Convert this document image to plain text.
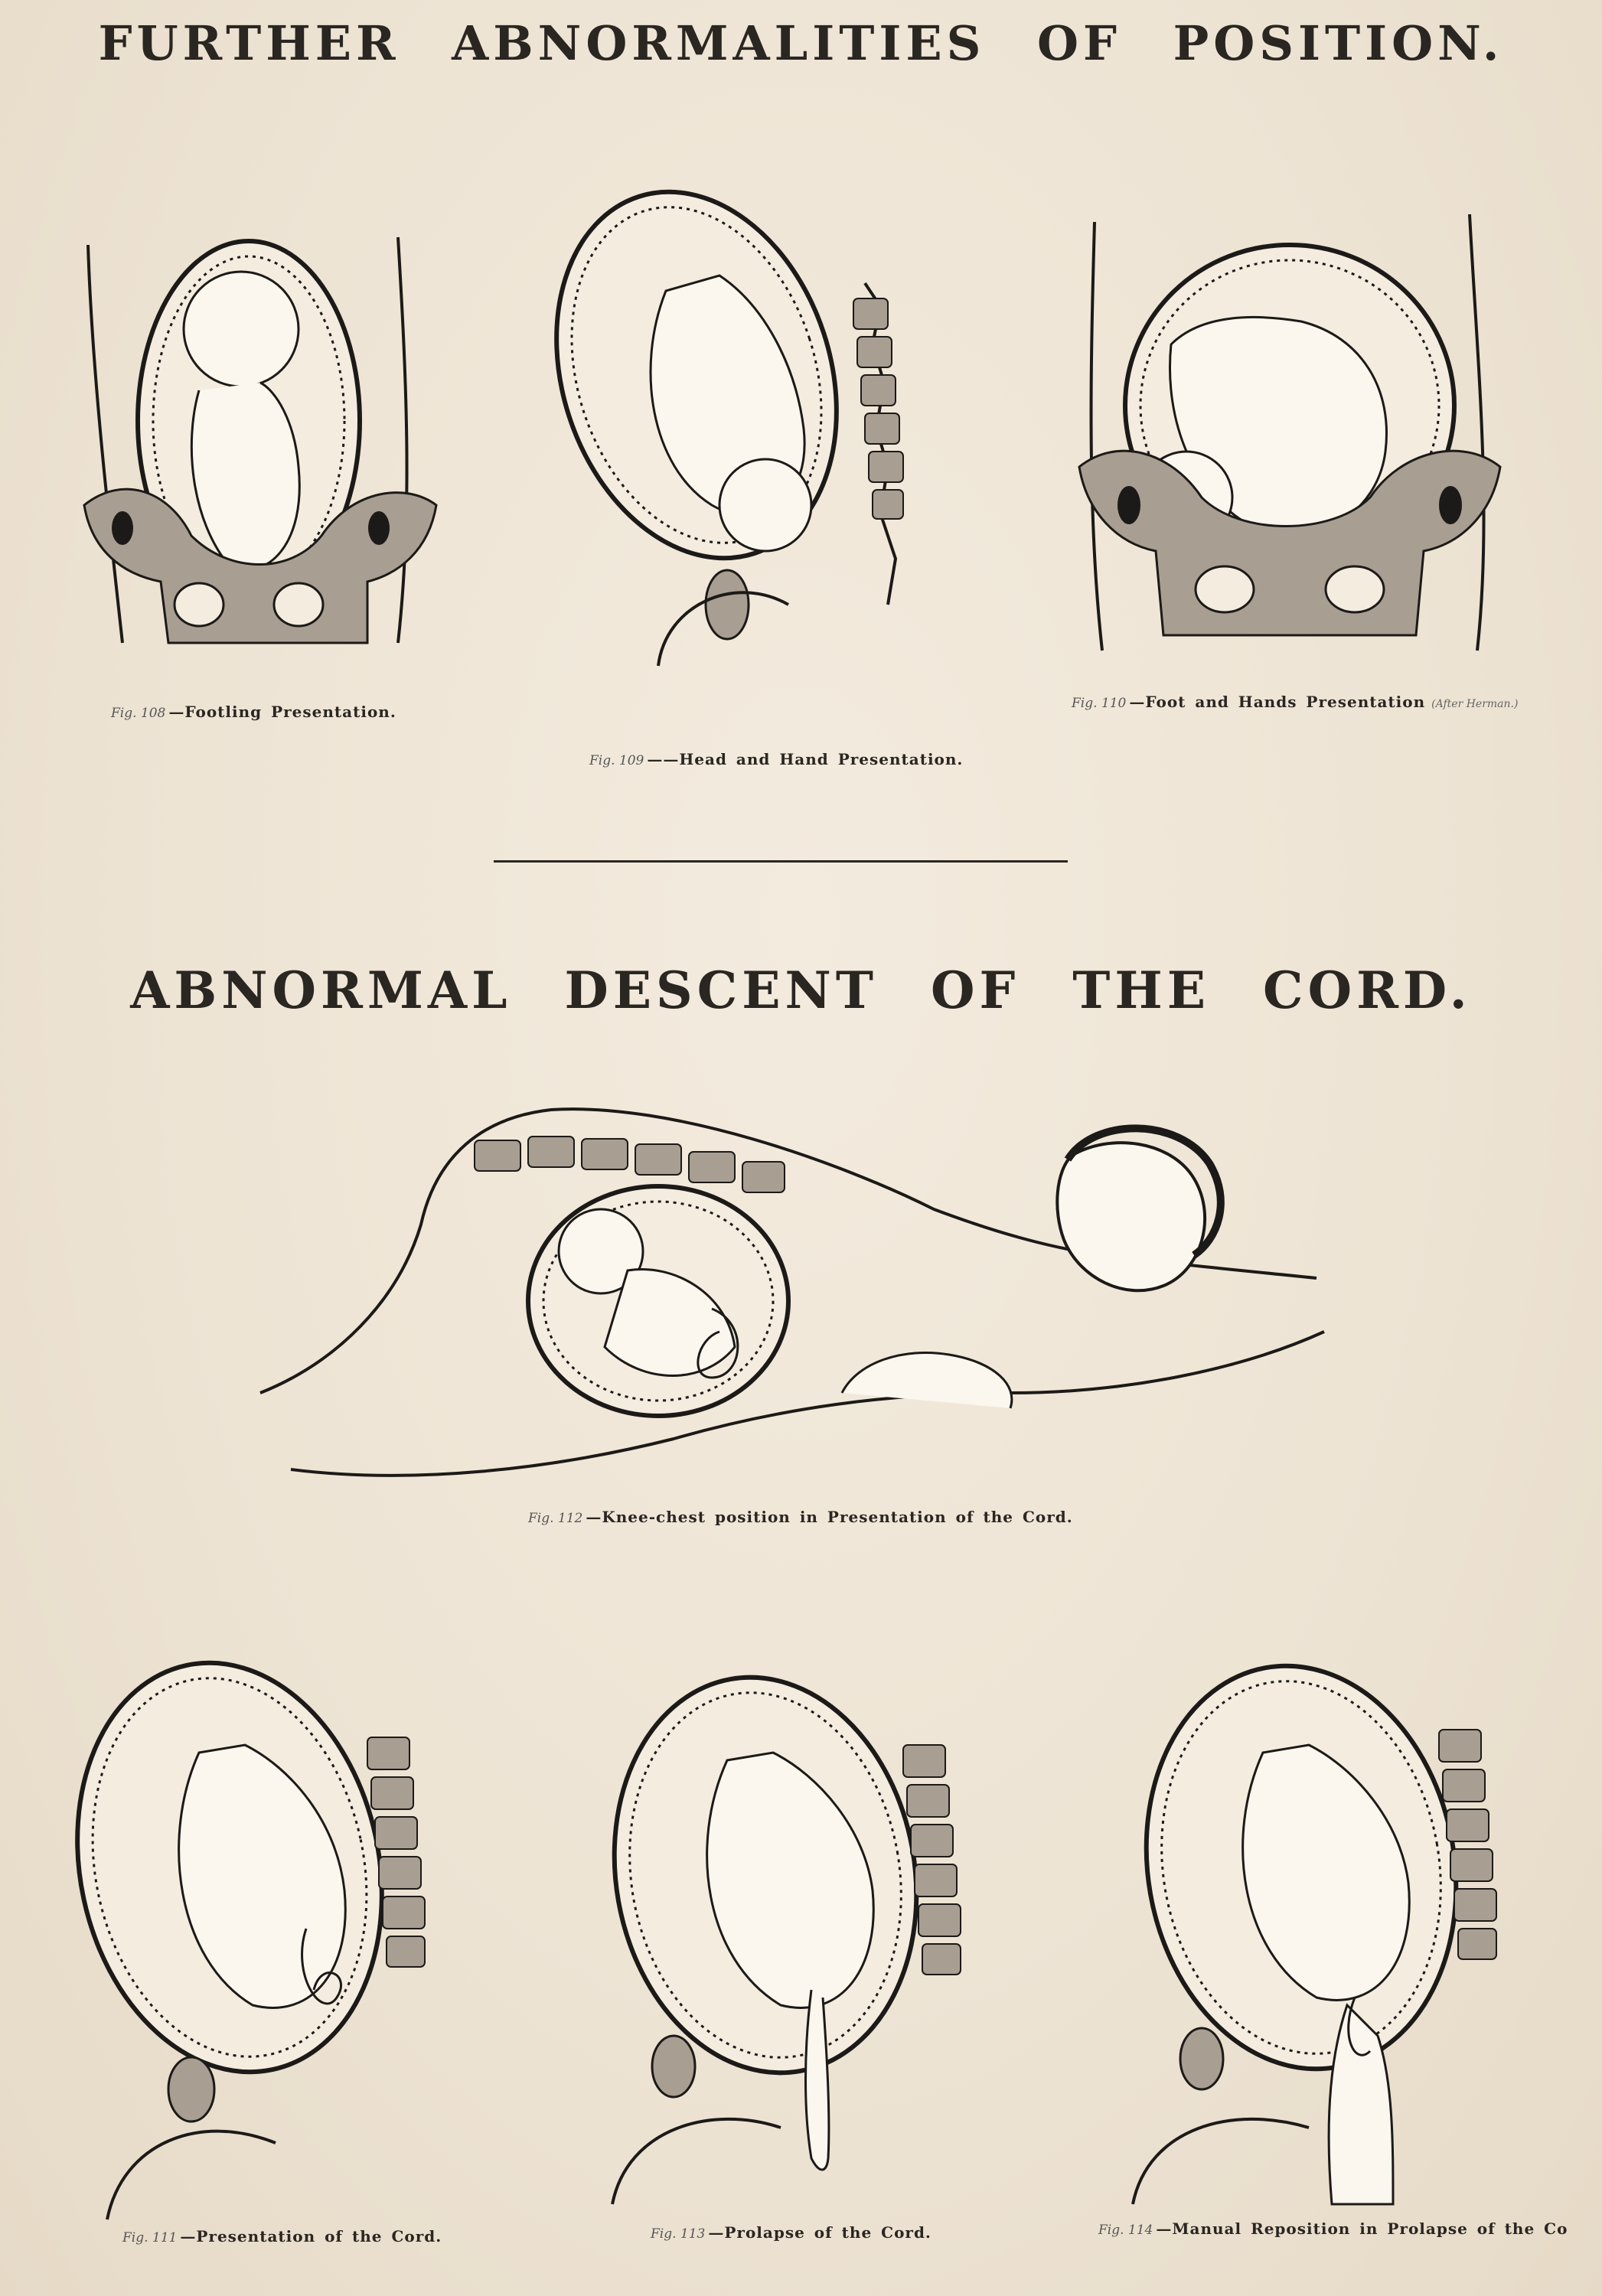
FURTHER ABNORMALITIES OF POSITION.
Fig. 108 —Footling Presentation.
Fig. 109 ——Head and Hand Presentation.
Fig. 110 —Foot and Hands Presentation (After Herman.)
ABNORMAL DESCENT OF THE CORD.
Fig. 112 —Knee-chest position in Presentation of the Cord.
Fig. 111 —Presentation of the Cord.	Fig. 113 —Prolapse of the Cord.	Fig. 114 —Manual Reposition in Prolapse of the Co
